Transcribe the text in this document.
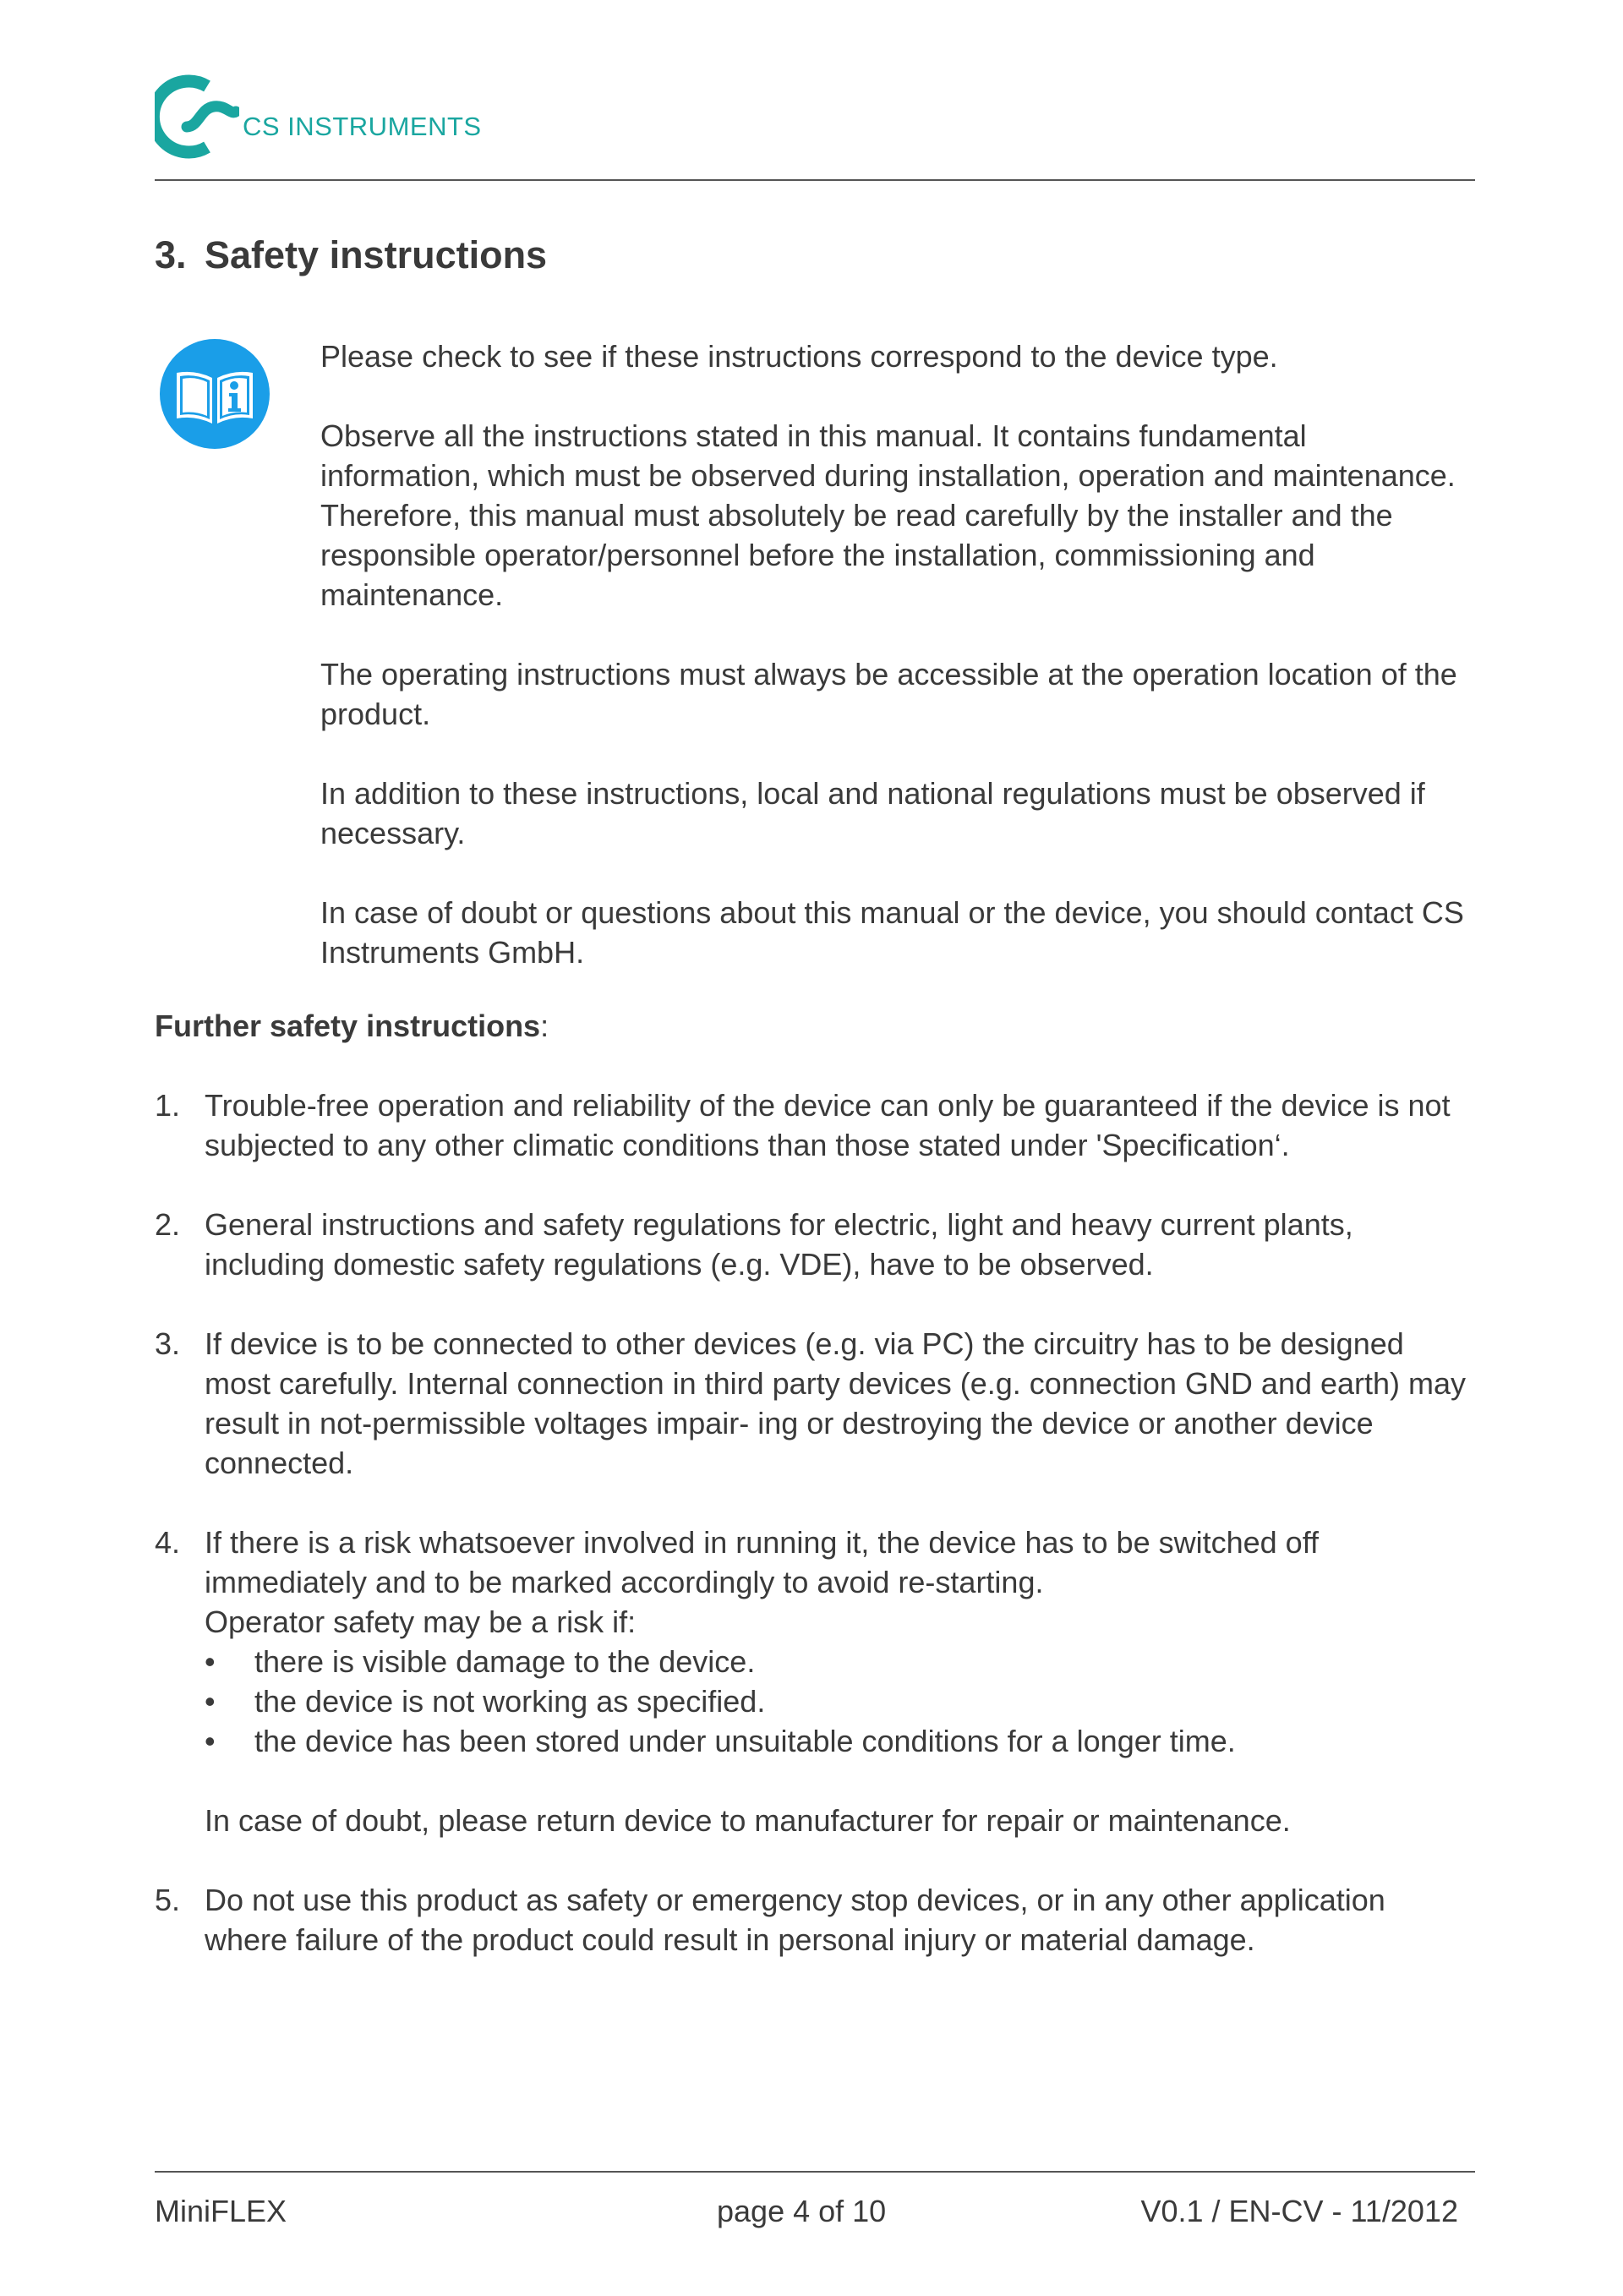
CS INSTRUMENTS
3. Safety instructions

Please check to see if these instructions correspond to the device type.

Observe all the instructions stated in this manual. It contains fundamental information, which must be observed during installation, operation and maintenance. Therefore, this manual must absolutely be read carefully by the installer and the responsible operator/personnel before the installation, commissioning and maintenance.

The operating instructions must always be accessible at the operation location of the product.

In addition to these instructions, local and national regulations must be observed if necessary.

In case of doubt or questions about this manual or the device, you should contact CS Instruments GmbH.

Further safety instructions:
1. Trouble-free operation and reliability of the device can only be guaranteed if the device is not subjected to any other climatic conditions than those stated under 'Specification‘.

2. General instructions and safety regulations for electric, light and heavy current plants, including domestic safety regulations (e.g. VDE), have to be observed.

3. If device is to be connected to other devices (e.g. via PC) the circuitry has to be designed most carefully. Internal connection in third party devices (e.g. connection GND and earth) may result in not-permissible voltages impair- ing or destroying the device or another device connected.

4. If there is a risk whatsoever involved in running it, the device has to be switched off immediately and to be marked accordingly to avoid re-starting.

Operator safety may be a risk if:

• there is visible damage to the device.
• the device is not working as specified.
• the device has been stored under unsuitable conditions for a longer time.

In case of doubt, please return device to manufacturer for repair or maintenance.

5. Do not use this product as safety or emergency stop devices, or in any other application where failure of the product could result in personal injury or material damage.

MiniFLEX	page 4 of 10	V0.1 / EN-CV - 11/2012
